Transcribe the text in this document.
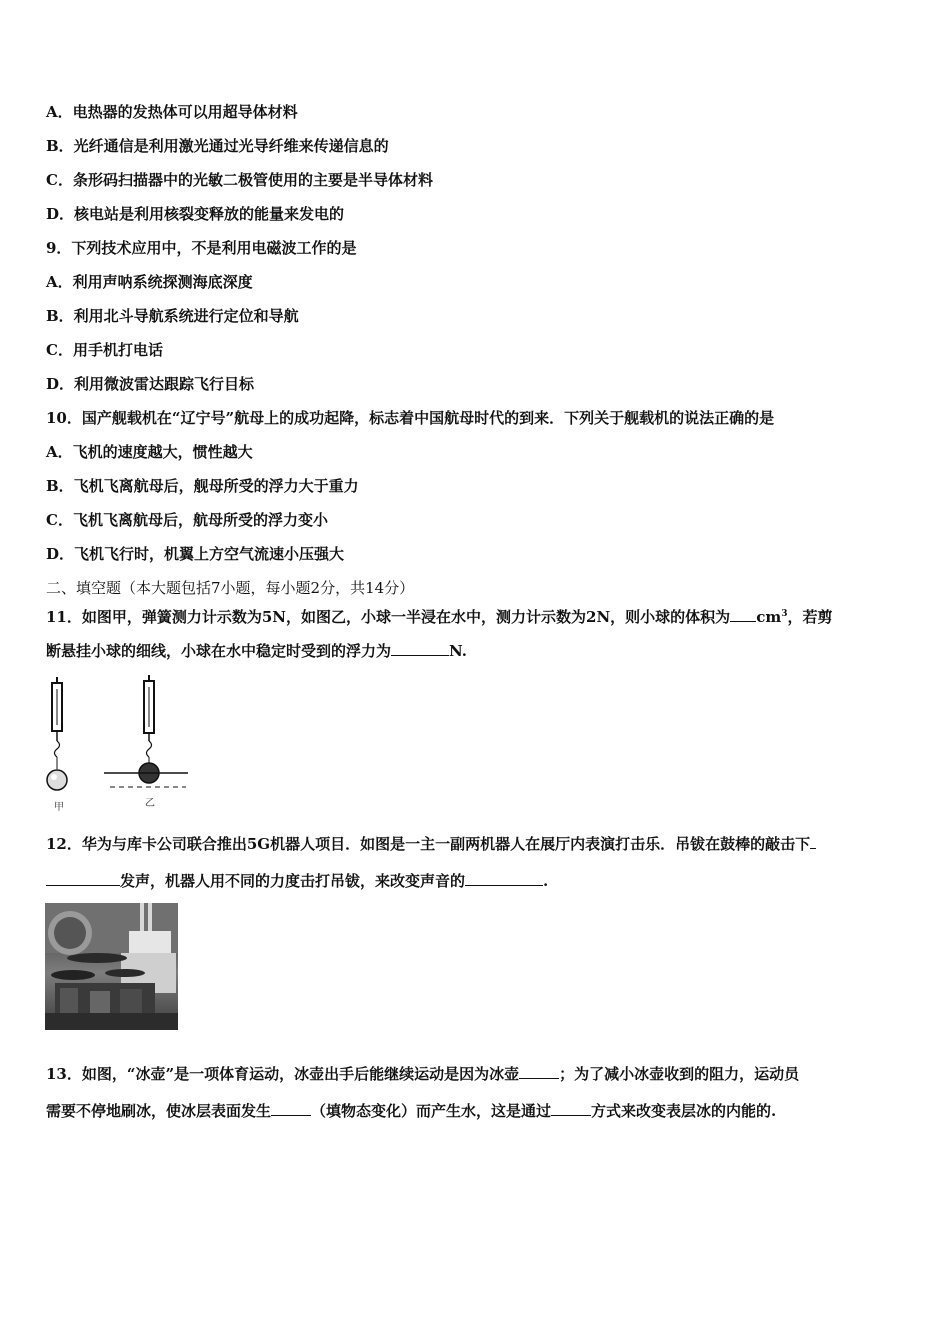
A．电热器的发热体可以用超导体材料
B．光纤通信是利用激光通过光导纤维来传递信息的
C．条形码扫描器中的光敏二极管使用的主要是半导体材料
D．核电站是利用核裂变释放的能量来发电的
9．下列技术应用中，不是利用电磁波工作的是
A．利用声呐系统探测海底深度
B．利用北斗导航系统进行定位和导航
C．用手机打电话
D．利用微波雷达跟踪飞行目标
10．国产舰载机在“辽宁号”航母上的成功起降，标志着中国航母时代的到来．下列关于舰载机的说法正确的是
A．飞机的速度越大，惯性越大
B．飞机飞离航母后，舰母所受的浮力大于重力
C．飞机飞离航母后，航母所受的浮力变小
D．飞机飞行时，机翼上方空气流速小压强大
二、填空题（本大题包括7小题，每小题2分，共14分）
11．如图甲，弹簧测力计示数为5N，如图乙，小球一半浸在水中，测力计示数为2N，则小球的体积为 $cm^3$，若剪
断悬挂小球的细线，小球在水中稳定时受到的浮力为	N.
甲	乙
12．华为与库卡公司联合推出5G机器人项目．如图是一主一副两机器人在展厅内表演打击乐．吊钹在鼓棒的敲击下
发声，机器人用不同的力度击打吊钹，来改变声音的	.
13．如图，“冰壶”是一项体育运动，冰壶出手后能继续运动是因为冰壶	；为了减小冰壶收到的阻力，运动员
需要不停地刷冰，使冰层表面发生	（填物态变化）而产生水，这是通过	方式来改变表层冰的内能的.
